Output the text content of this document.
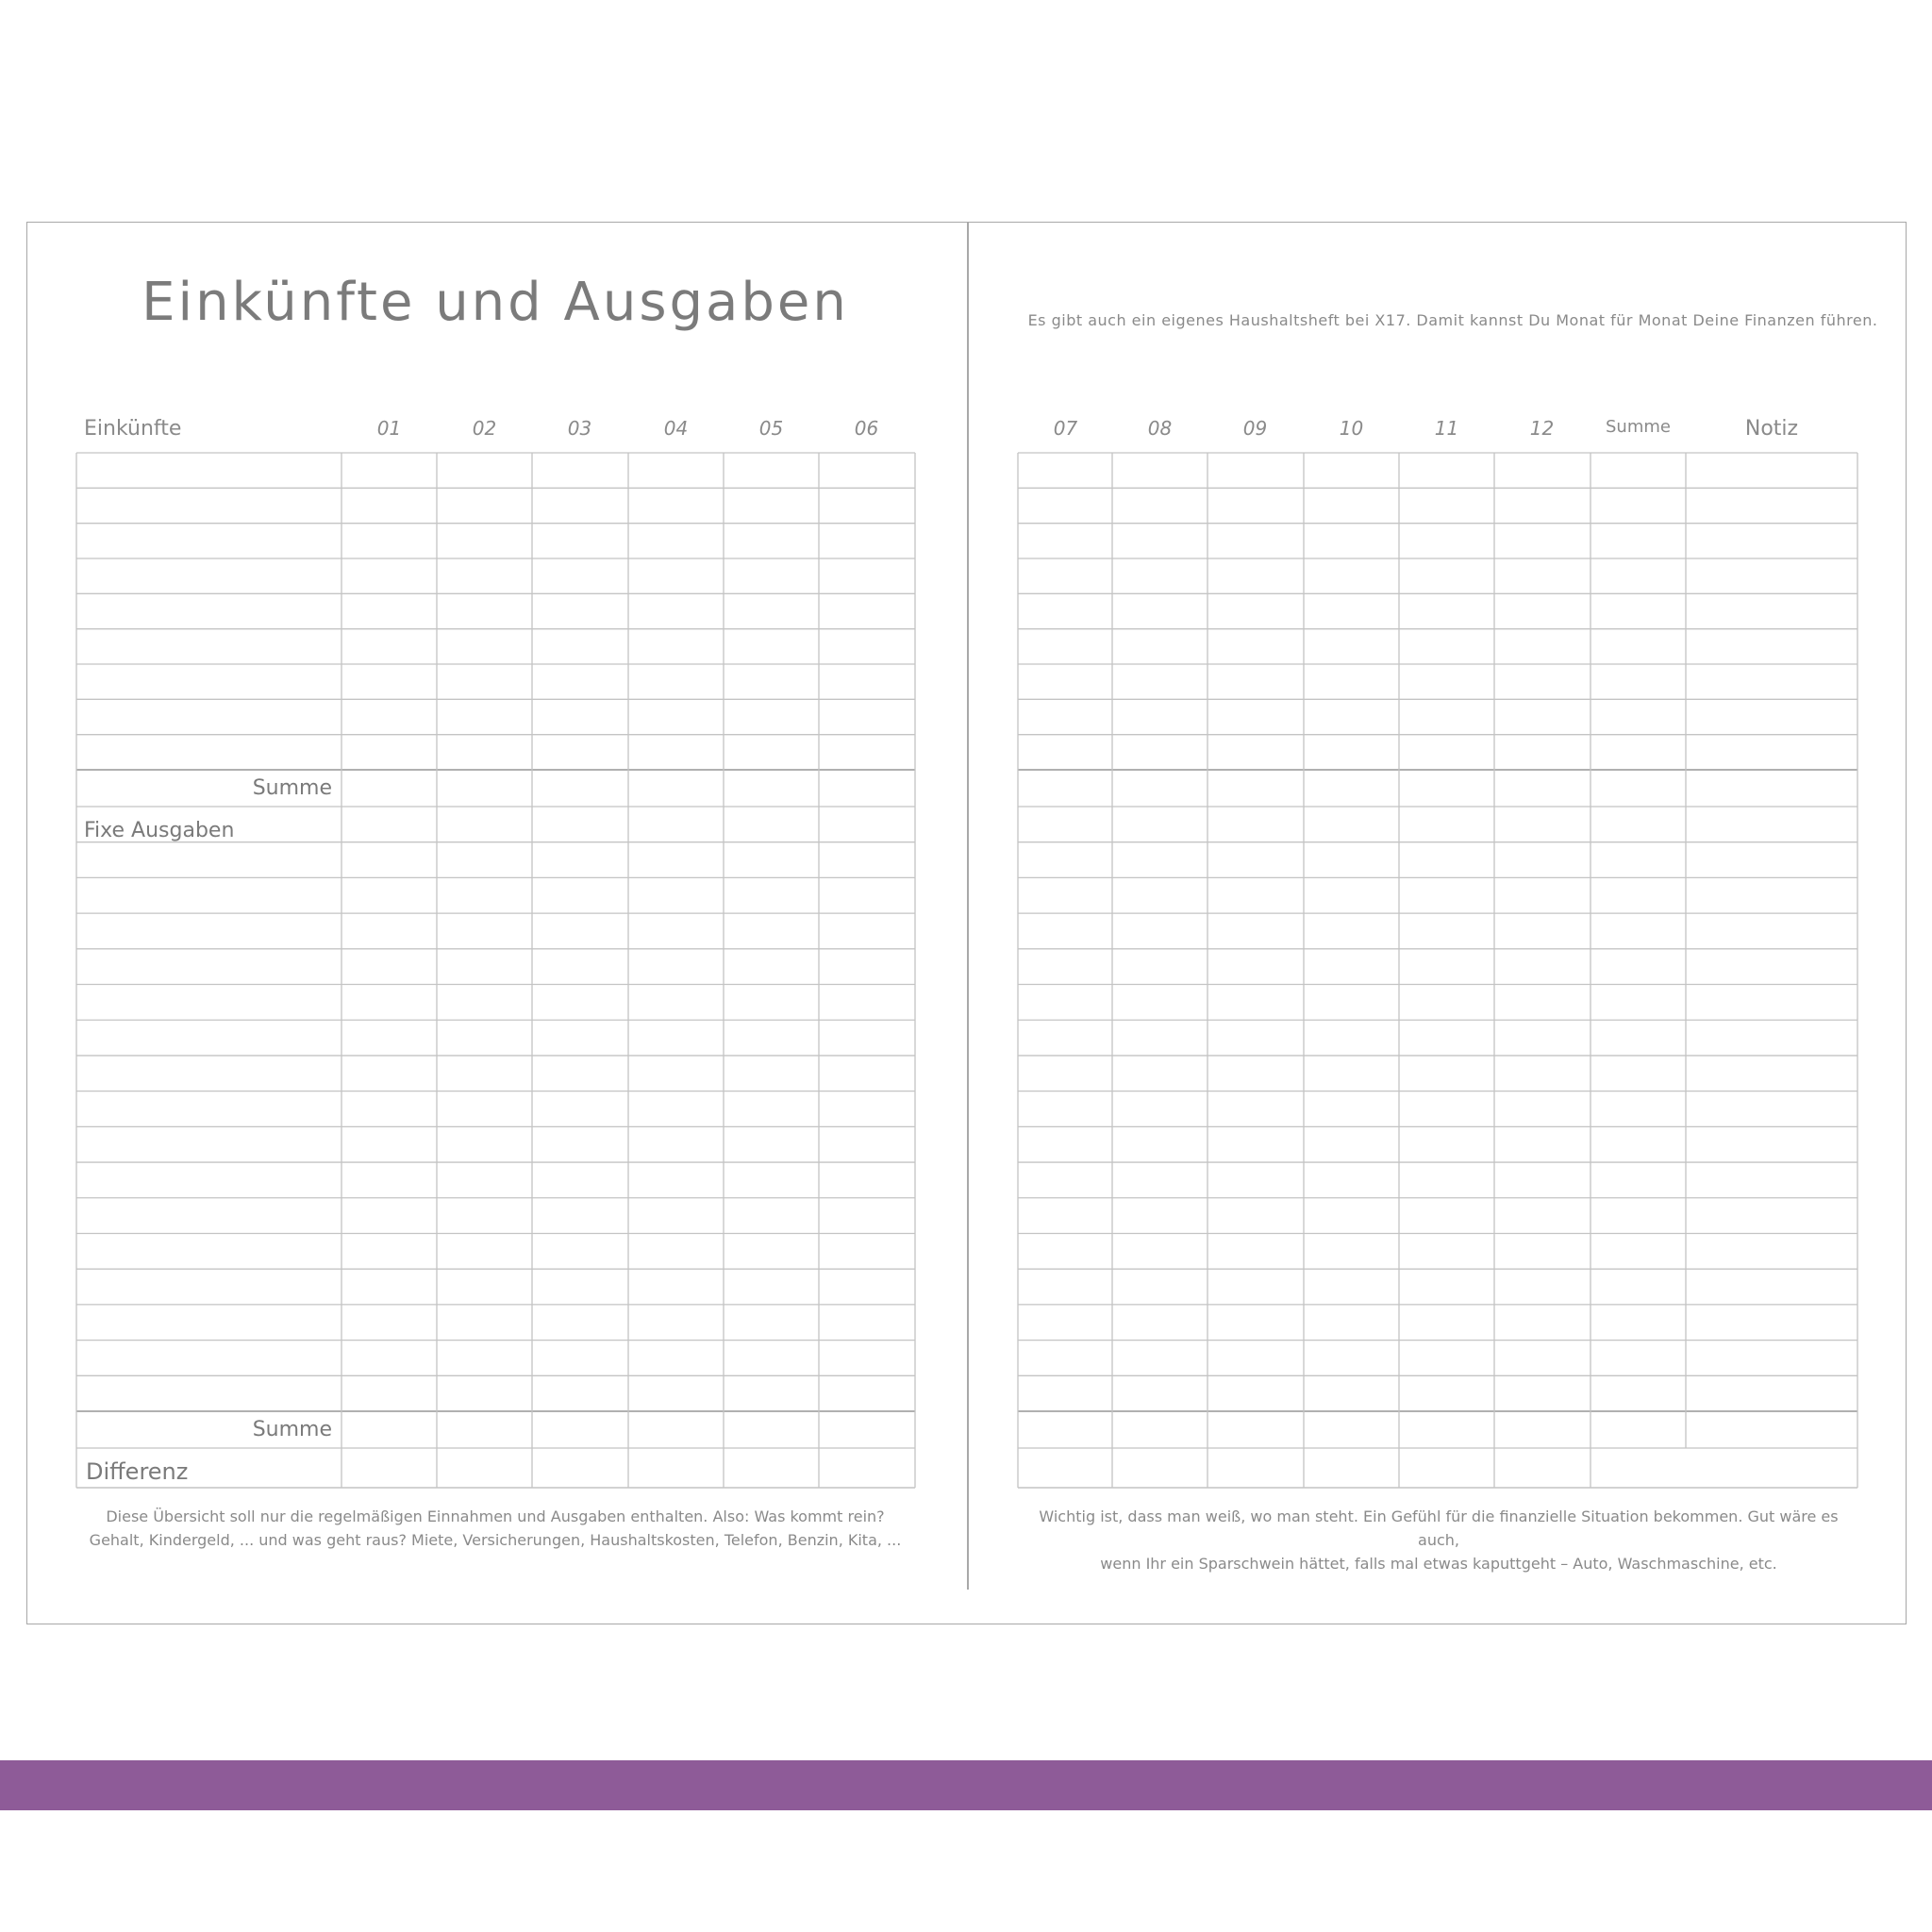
Einkünfte und Ausgaben	Es gibt auch ein eigenes Haushaltsheft bei X17. Damit kannst Du Monat für Monat Deine Finanzen führen.
Einkünfte	01	02	03	04	05	06	07	08	09	10	11	12	Summe	Notiz
Summe
Fixe Ausgaben
Summe
Differenz
Diese Übersicht soll nur die regelmäßigen Einnahmen und Ausgaben enthalten. Also: Was kommt rein?
Gehalt, Kindergeld, ... und was geht raus? Miete, Versicherungen, Haushaltskosten, Telefon, Benzin, Kita, ...
Wichtig ist, dass man weiß, wo man steht. Ein Gefühl für die finanzielle Situation bekommen. Gut wäre es auch,
wenn Ihr ein Sparschwein hättet, falls mal etwas kaputtgeht – Auto, Waschmaschine, etc.
